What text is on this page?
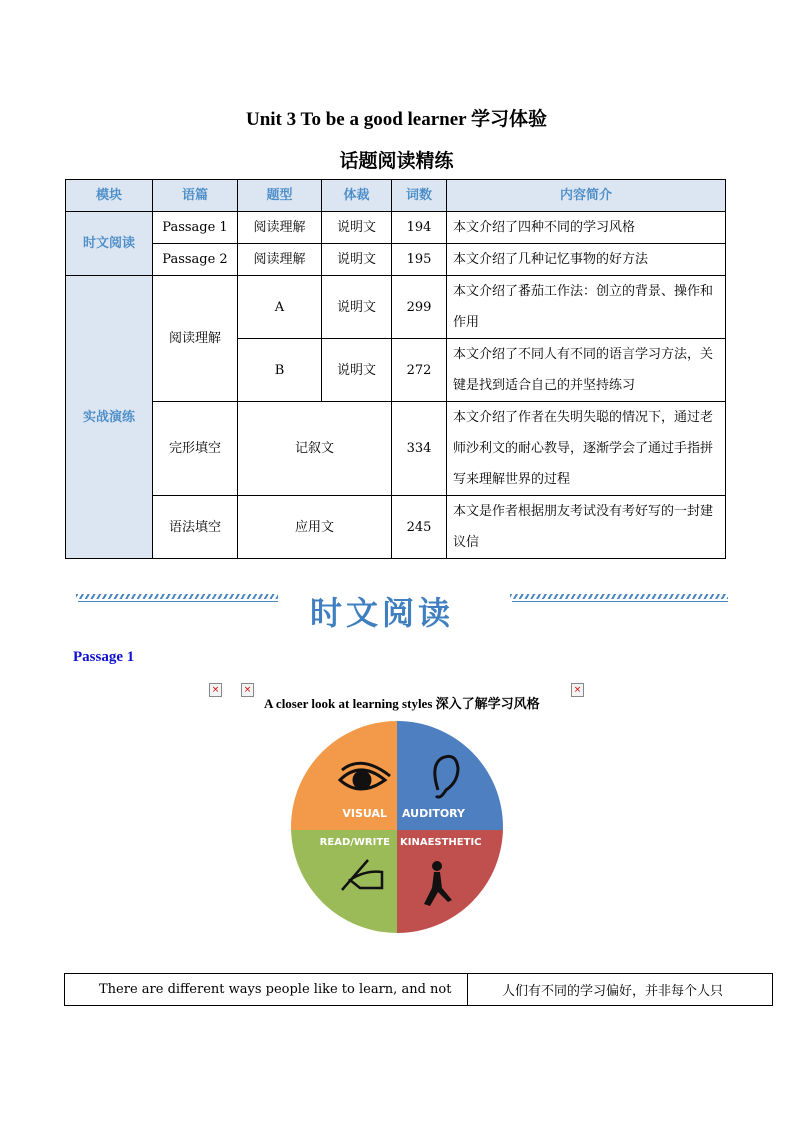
Unit 3 To be a good learner 学习体验
话题阅读精练
模块	语篇	题型	体裁	词数	内容简介
时文阅读	Passage 1	阅读理解	说明文	194	本文介绍了四种不同的学习风格
	Passage 2	阅读理解	说明文	195	本文介绍了几种记忆事物的好方法
实战演练	阅读理解	A	说明文	299	本文介绍了番茄工作法：创立的背景、操作和作用
		B	说明文	272	本文介绍了不同人有不同的语言学习方法，关键是找到适合自己的并坚持练习
	完形填空	记叙文		334	本文介绍了作者在失明失聪的情况下，通过老师沙利文的耐心教导，逐渐学会了通过手指拼写来理解世界的过程
	语法填空	应用文		245	本文是作者根据朋友考试没有考好写的一封建议信
时文阅读
Passage 1
×	×
A closer look at learning styles 深入了解学习风格
×
VISUAL AUDITORY
READ/WRITE KINAESTHETIC
There are different ways people like to learn, and not	人们有不同的学习偏好，并非每个人只
